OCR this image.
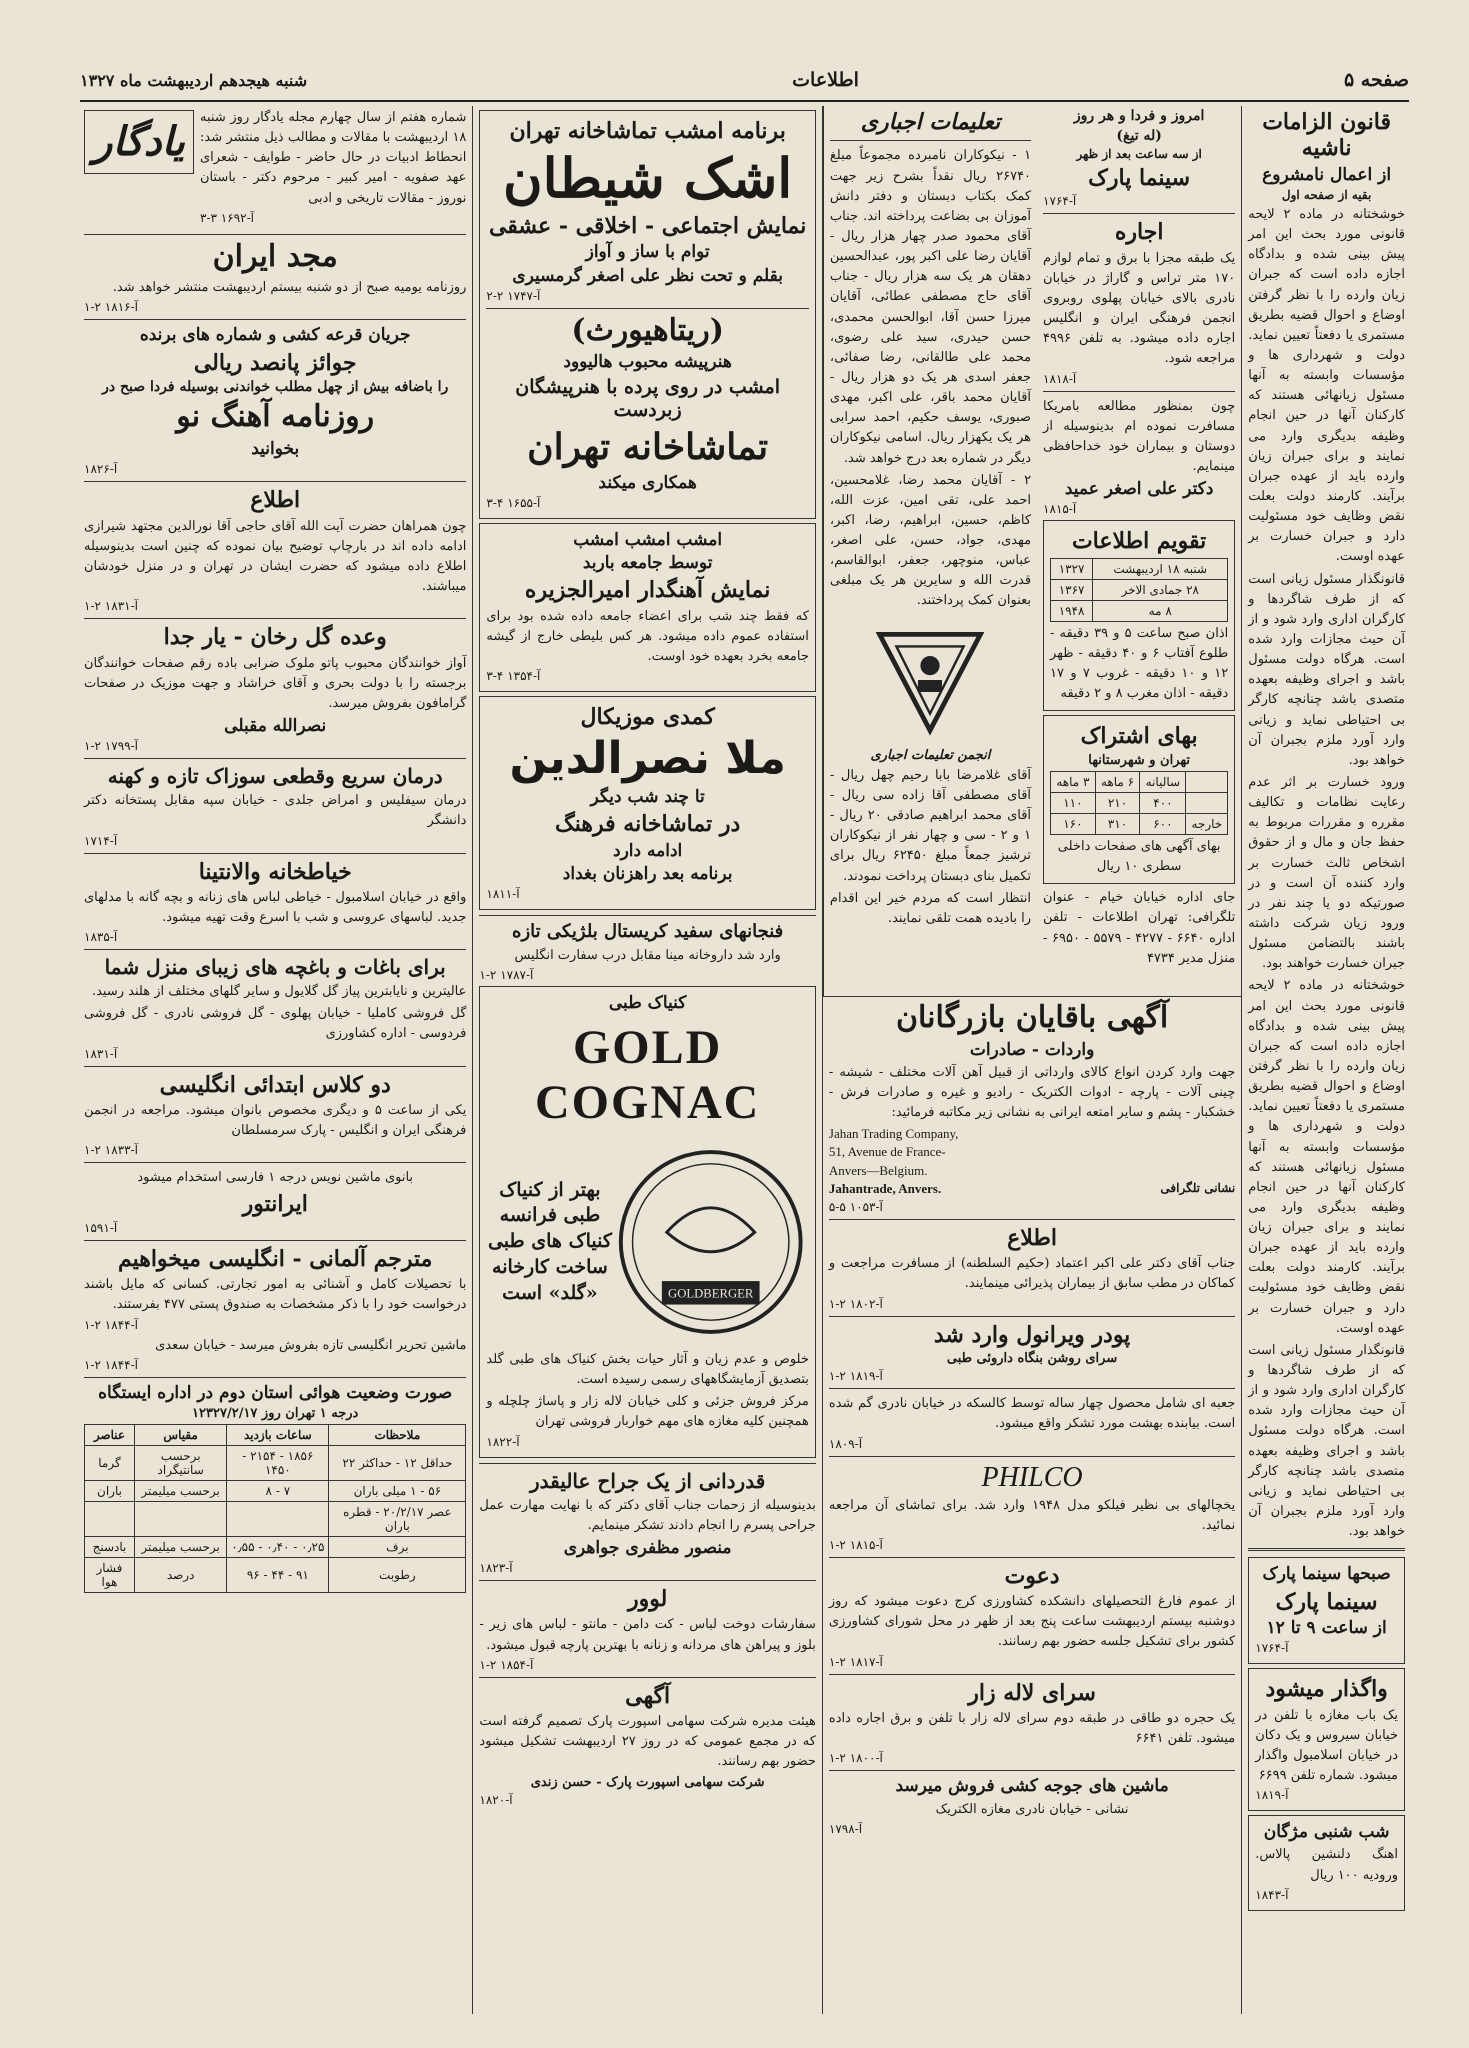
صفحه ۵
اطلاعات
شنبه هیجدهم اردیبهشت ماه ۱۳۲۷
قانون الزامات ناشیه
از اعمال نامشروع
بقیه از صفحه اول
خوشختانه در ماده ۲ لایحه قانونی مورد بحث این امر پیش بینی شده و بدادگاه اجازه داده است که جبران زیان وارده را با نظر گرفتن اوضاع و احوال قضیه بطریق مستمری یا دفعتاً تعیین نماید. دولت و شهرداری ها و مؤسسات وابسته به آنها مسئول زیانهائی هستند که کارکنان آنها در حین انجام وظیفه بدیگری وارد می نمایند و برای جبران زیان وارده باید از عهده جبران برآیند. کارمند دولت بعلت نقض وظایف خود مسئولیت دارد و جبران خسارت بر عهده اوست.
قانونگذار مسئول زیانی است که از طرف شاگردها و کارگران اداری وارد شود و از آن حیث مجازات وارد شده است. هرگاه دولت مسئول باشد و اجرای وظیفه بعهده متصدی باشد چنانچه کارگر بی احتیاطی نماید و زیانی وارد آورد ملزم بجبران آن خواهد بود.
ورود خسارت بر اثر عدم رعایت نظامات و تکالیف مقرره و مقررات مربوط به حفظ جان و مال و از حقوق اشخاص ثالث خسارت بر وارد کننده آن است و در صورتیکه دو یا چند نفر در ورود زیان شرکت داشته باشند بالتضامن مسئول جبران خسارت خواهند بود.
خوشختانه در ماده ۲ لایحه قانونی مورد بحث این امر پیش بینی شده و بدادگاه اجازه داده است که جبران زیان وارده را با نظر گرفتن اوضاع و احوال قضیه بطریق مستمری یا دفعتاً تعیین نماید. دولت و شهرداری ها و مؤسسات وابسته به آنها مسئول زیانهائی هستند که کارکنان آنها در حین انجام وظیفه بدیگری وارد می نمایند و برای جبران زیان وارده باید از عهده جبران برآیند. کارمند دولت بعلت نقض وظایف خود مسئولیت دارد و جبران خسارت بر عهده اوست.
قانونگذار مسئول زیانی است که از طرف شاگردها و کارگران اداری وارد شود و از آن حیث مجازات وارد شده است. هرگاه دولت مسئول باشد و اجرای وظیفه بعهده متصدی باشد چنانچه کارگر بی احتیاطی نماید و زیانی وارد آورد ملزم بجبران آن خواهد بود.
صبحها سینما پارک
سینما پارک
از ساعت ۹ تا ۱۲
آ-۱۷۶۴
واگذار میشود
یک باب مغازه با تلفن در خیابان سیروس و یک دکان در خیابان اسلامبول واگذار میشود. شماره تلفن ۶۶۹۹
آ-۱۸۱۹
شب شنبی مژگان
اهنگ دلنشین پالاس. ورودیه ۱۰۰ ریال
آ-۱۸۴۳
تعلیمات اجباری
۱ - نیکوکاران نامبرده مجموعاً مبلغ ۲۶۷۴۰ ریال نقداً بشرح زیر جهت کمک بکتاب دبستان و دفتر دانش آموزان بی بضاعت پرداخته اند. جناب آقای محمود صدر چهار هزار ریال - آقایان رضا علی اکبر پور، عبدالحسین دهقان هر یک سه هزار ریال - جناب آقای حاج مصطفی عطائی، آقایان میرزا حسن آقا، ابوالحسن محمدی، حسن حیدری، سید علی رضوی، محمد علی طالقانی، رضا صفائی، جعفر اسدی هر یک دو هزار ریال - آقایان محمد باقر، علی اکبر، مهدی صبوری، یوسف حکیم، احمد سرابی هر یک یکهزار ریال. اسامی نیکوکاران دیگر در شماره بعد درج خواهد شد.
۲ - آقایان محمد رضا، غلامحسین، احمد علی، تقی امین، عزت الله، کاظم، حسین، ابراهیم، رضا، اکبر، مهدی، جواد، حسن، علی اصغر، عباس، منوچهر، جعفر، ابوالقاسم، قدرت الله و سایرین هر یک مبلغی بعنوان کمک پرداختند.
انجمن تعلیمات اجباری
آقای غلامرضا بابا رحیم چهل ریال - آقای مصطفی آقا زاده سی ریال - آقای محمد ابراهیم صادقی ۲۰ ریال - ۱ و ۲ - سی و چهار نفر از نیکوکاران ترشیز جمعاً مبلغ ۶۲۴۵۰ ریال برای تکمیل بنای دبستان پرداخت نمودند.
انتظار است که مردم خیر این اقدام را بادیده همت تلقی نمایند.
امروز و فردا و هر روز
(له تیغ)
از سه ساعت بعد از ظهر
سینما پارک
آ-۱۷۶۴
اجاره
یک طبقه مجزا با برق و تمام لوازم ۱۷۰ متر تراس و گاراژ در خیابان نادری بالای خیابان پهلوی روبروی انجمن فرهنگی ایران و انگلیس اجاره داده میشود. به تلفن ۴۹۹۶ مراجعه شود.
آ-۱۸۱۸
چون بمنظور مطالعه بامریکا مسافرت نموده ام بدینوسیله از دوستان و بیماران خود خداحافظی مینمایم.
دکتر علی اصغر عمید
آ-۱۸۱۵
تقویم اطلاعات
شنبه ۱۸ اردیبهشت	۱۳۲۷
۲۸ جمادی الاخر	۱۳۶۷
۸ مه	۱۹۴۸
اذان صبح ساعت ۵ و ۳۹ دقیقه - طلوع آفتاب ۶ و ۴۰ دقیقه - ظهر ۱۲ و ۱۰ دقیقه - غروب ۷ و ۱۷ دقیقه - اذان مغرب ۸ و ۲ دقیقه
بهای اشتراک
تهران و شهرستانها
	سالیانه	۶ ماهه	۳ ماهه
	۴۰۰	۲۱۰	۱۱۰
خارجه	۶۰۰	۳۱۰	۱۶۰
بهای آگهی های صفحات داخلی سطری ۱۰ ریال
جای اداره خیابان خیام - عنوان تلگرافی: تهران اطلاعات - تلفن اداره ۶۶۴۰ - ۴۲۷۷ - ۵۵۷۹ - ۶۹۵۰ - منزل مدیر ۴۷۳۴
آگهی باقایان بازرگانان
واردات - صادرات
جهت وارد کردن انواع کالای وارداتی از قبیل آهن آلات مختلف - شیشه - چینی آلات - پارچه - ادوات الکتریک - رادیو و غیره و صادرات فرش - خشکبار - پشم و سایر امتعه ایرانی به نشانی زیر مکاتبه فرمائید:
نشانی تلگرافی
Jahan Trading Company,
51, Avenue de France-
Anvers—Belgium.
Jahantrade, Anvers.
آ-۱۰۵۳ ۵-۵
اطلاع
جناب آقای دکتر علی اکبر اعتماد (حکیم السلطنه) از مسافرت مراجعت و کماکان در مطب سابق از بیماران پذیرائی مینمایند.
آ-۱۸۰۲ ۲-۱
پودر ویرانول وارد شد
سرای روشن بنگاه داروئی طبی
آ-۱۸۱۹ ۲-۱
جعبه ای شامل محصول چهار ساله توسط کالسکه در خیابان نادری گم شده است. بیابنده بهشت مورد تشکر واقع میشود.
آ-۱۸۰۹
PHILCO
یخچالهای بی نظیر فیلکو مدل ۱۹۴۸ وارد شد. برای تماشای آن مراجعه نمائید.
آ-۱۸۱۵ ۲-۱
دعوت
از عموم فارغ التحصیلهای دانشکده کشاورزی کرج دعوت میشود که روز دوشنبه بیستم اردیبهشت ساعت پنج بعد از ظهر در محل شورای کشاورزی کشور برای تشکیل جلسه حضور بهم رسانند.
آ-۱۸۱۷ ۲-۱
سرای لاله زار
یک حجره دو طاقی در طبقه دوم سرای لاله زار با تلفن و برق اجاره داده میشود. تلفن ۶۶۴۱
آ-۱۸۰۰ ۲-۱
ماشین های جوجه کشی فروش میرسد
نشانی - خیابان نادری مغازه الکتریک
آ-۱۷۹۸
برنامه امشب تماشاخانه تهران
اشک شیطان
نمایش اجتماعی - اخلاقی - عشقی
توام با ساز و آواز
بقلم و تحت نظر علی اصغر گرمسیری
آ-۱۷۴۷ ۲-۲
(ریتاهیورث)
هنرپیشه محبوب هالیوود
امشب در روی پرده با هنرپیشگان زبردست
تماشاخانه تهران
همکاری میکند
آ-۱۶۵۵ ۴-۳
امشب امشب امشب
توسط جامعه باربد
نمایش آهنگدار امیرالجزیره
که فقط چند شب برای اعضاء جامعه داده شده بود برای استفاده عموم داده میشود. هر کس بلیطی خارج از گیشه جامعه بخرد بعهده خود اوست.
آ-۱۳۵۴ ۴-۳
کمدی موزیکال
ملا نصرالدین
تا چند شب دیگر
در تماشاخانه فرهنگ
ادامه دارد
برنامه بعد راهزنان بغداد
آ-۱۸۱۱
فنجانهای سفید کریستال بلژیکی تازه
وارد شد داروخانه مینا مقابل درب سفارت انگلیس
آ-۱۷۸۷ ۲-۱
کنیاک طبی
GOLD COGNAC
بهتر از کنیاک
طبی فرانسه
کنیاک های طبی
ساخت کارخانه
«گلد» است	GOLDBERGER
خلوص و عدم زیان و آثار حیات بخش کنیاک های طبی گلد بتصدیق آزمایشگاههای رسمی رسیده است.
مرکز فروش جزئی و کلی خیابان لاله زار و پاساژ چلچله و همچنین کلیه مغازه های مهم خواربار فروشی تهران
آ-۱۸۲۲
قدردانی از یک جراح عالیقدر
بدینوسیله از زحمات جناب آقای دکتر که با نهایت مهارت عمل جراحی پسرم را انجام دادند تشکر مینمایم.
منصور مظفری جواهری
آ-۱۸۲۳
لوور
سفارشات دوخت لباس - کت دامن - مانتو - لباس های زیر - بلوز و پیراهن های مردانه و زنانه با بهترین پارچه قبول میشود.
آ-۱۸۵۴ ۲-۱
آگهی
هیئت مدیره شرکت سهامی اسپورت پارک تصمیم گرفته است که در مجمع عمومی که در روز ۲۷ اردیبهشت تشکیل میشود حضور بهم رسانند.
شرکت سهامی اسپورت پارک - حسن زندی
آ-۱۸۲۰
یادگار
شماره هفتم از سال چهارم مجله یادگار روز شنبه ۱۸ اردیبهشت با مقالات و مطالب ذیل منتشر شد: انحطاط ادبیات در حال حاضر - طوایف - شعرای عهد صفویه - امیر کبیر - مرحوم دکتر - باستان نوروز - مقالات تاریخی و ادبی
آ-۱۶۹۲ ۳-۳
مجد ایران
روزنامه یومیه صبح از دو شنبه بیستم اردیبهشت منتشر خواهد شد.
آ-۱۸۱۶ ۲-۱
جریان قرعه کشی و شماره های برنده
جوائز پانصد ریالی
را باضافه بیش از چهل مطلب خواندنی بوسیله فردا صبح در
روزنامه آهنگ نو
بخوانید
آ-۱۸۲۶
اطلاع
چون همراهان حضرت آیت الله آقای حاجی آقا نورالدین مجتهد شیرازی ادامه داده اند در بارچاپ توضیح بیان نموده که چنین است بدینوسیله اطلاع داده میشود که حضرت ایشان در تهران و در منزل خودشان میباشند.
آ-۱۸۳۱ ۲-۱
وعده گل رخان - یار جدا
آواز خوانندگان محبوب پاتو ملوک ضرابی باده رقم صفحات خوانندگان برجسته را با دولت بحری و آقای خراشاد و جهت موزیک در صفحات گرامافون بفروش میرسد.
نصرالله مقبلی
آ-۱۷۹۹ ۲-۱
درمان سریع وقطعی سوزاک تازه و کهنه
درمان سیفلیس و امراض جلدی - خیابان سپه مقابل پستخانه دکتر دانشگر
آ-۱۷۱۴
خیاطخانه والانتینا
واقع در خیابان اسلامبول - خیاطی لباس های زنانه و بچه گانه با مدلهای جدید. لباسهای عروسی و شب با اسرع وقت تهیه میشود.
آ-۱۸۳۵
برای باغات و باغچه های زیبای منزل شما
عالیترین و نایابترین پیاز گل گلایول و سایر گلهای مختلف از هلند رسید.
گل فروشی کاملیا - خیابان پهلوی - گل فروشی نادری - گل فروشی فردوسی - اداره کشاورزی
آ-۱۸۳۱
دو کلاس ابتدائی انگلیسی
یکی از ساعت ۵ و دیگری مخصوص بانوان میشود. مراجعه در انجمن فرهنگی ایران و انگلیس - پارک سرمسلطان
آ-۱۸۳۳ ۲-۱
بانوی ماشین نویس درجه ۱ فارسی استخدام میشود
ایرانتور
آ-۱۵۹۱
مترجم آلمانی - انگلیسی میخواهیم
با تحصیلات کامل و آشنائی به امور تجارتی. کسانی که مایل باشند درخواست خود را با ذکر مشخصات به صندوق پستی ۴۷۷ بفرستند.
آ-۱۸۴۴ ۲-۱
ماشین تحریر انگلیسی تازه بفروش میرسد - خیابان سعدی
آ-۱۸۴۴ ۲-۱
صورت وضعیت هوائی استان دوم در اداره ایستگاه
درجه ۱ تهران روز ۱۲۳۲۷/۲/۱۷
ملاحظات	ساعات بازدید	مقیاس	عناصر
حداقل ۱۲ - حداکثر ۲۲	۱۸۵۶ - ۲۱۵۴ - ۱۴۵۰	برحسب سانتیگراد	گرما
۵۶ - ۱ میلی باران	۷ - ۸	برحسب میلیمتر	باران
عصر ۲۰/۲/۱۷ - قطره باران			
برف	۰٫۲۵ - ۰٫۴۰ - ۰٫۵۵	برحسب میلیمتر	بادسنج
رطوبت	۹۱ - ۴۴ - ۹۶	درصد	فشار هوا
